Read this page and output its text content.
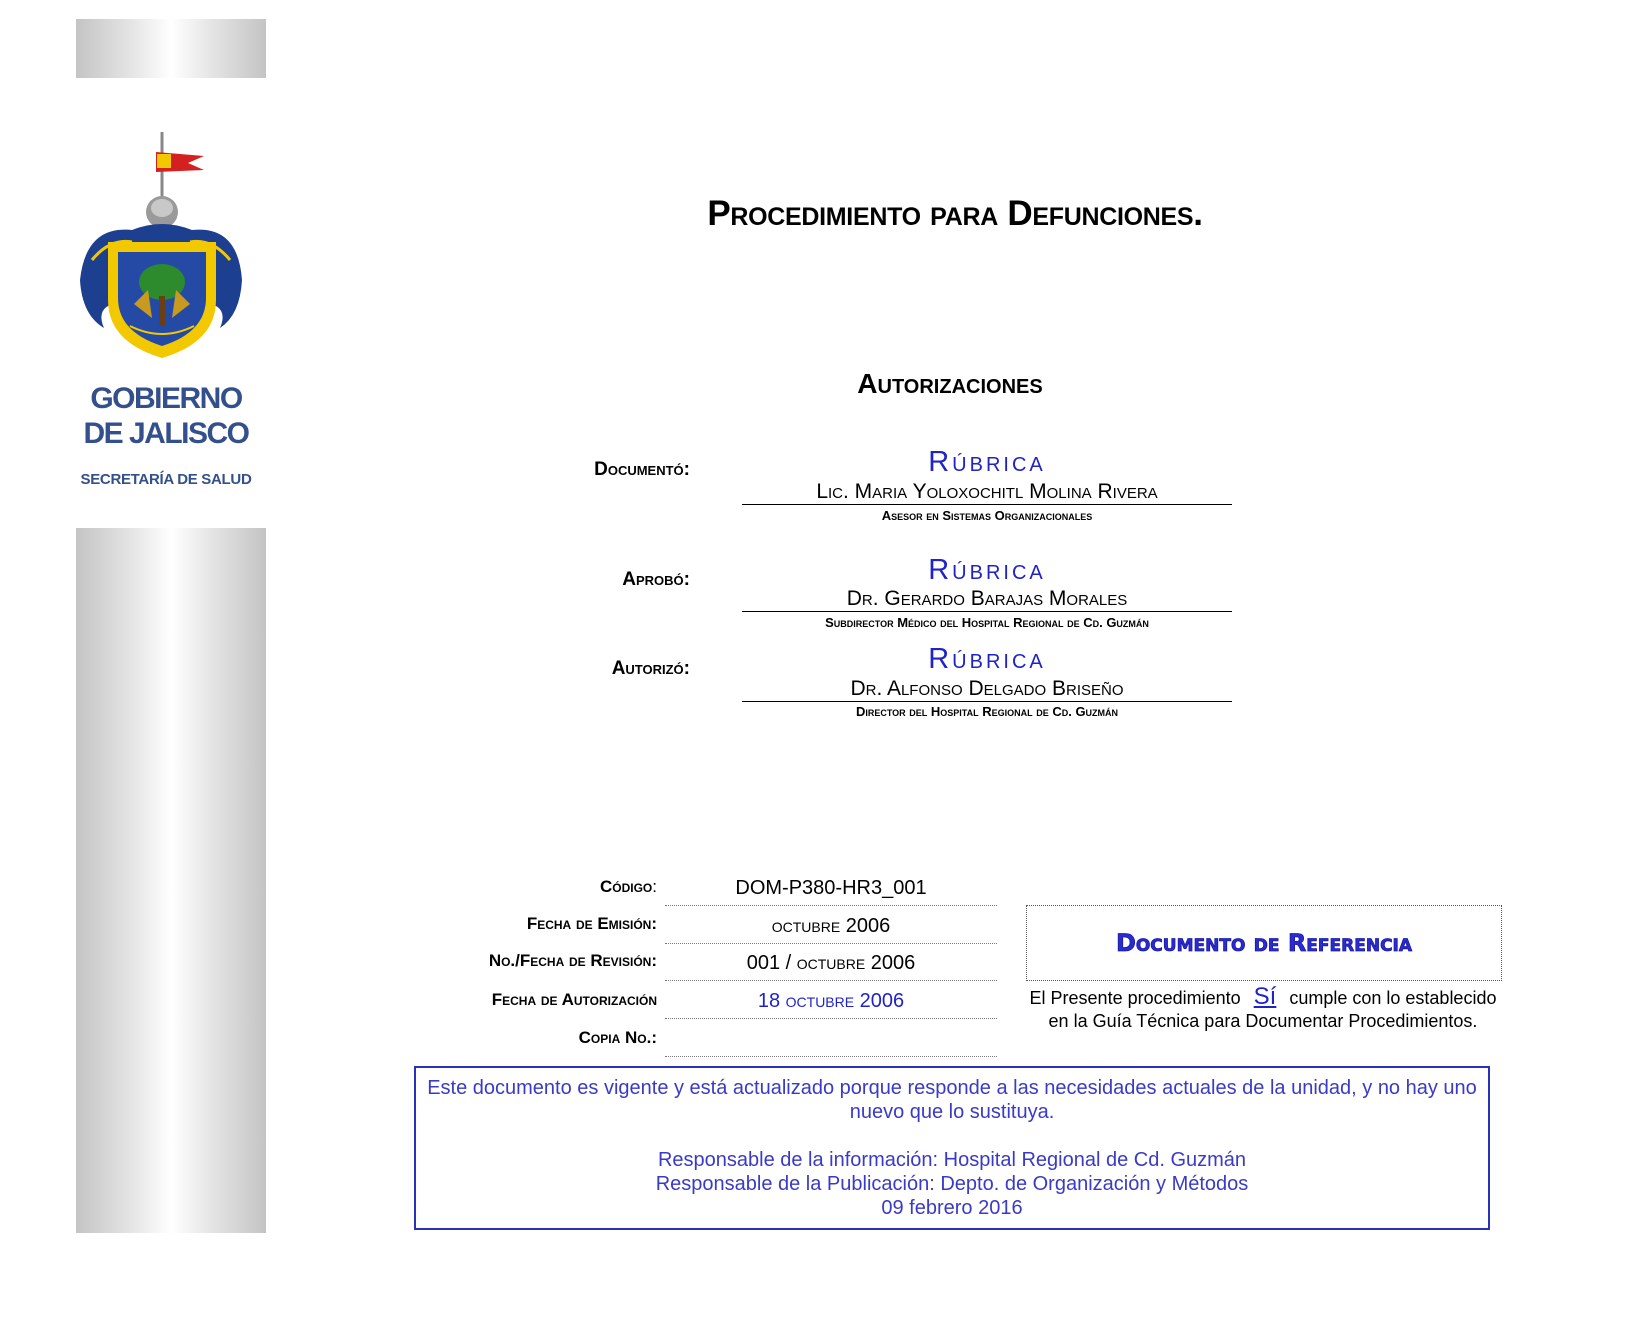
GOBIERNO
DE JALISCO
SECRETARÍA DE SALUD
Procedimiento para Defunciones.
Autorizaciones
Documentó:	Rúbrica
Lic. Maria Yoloxochitl Molina Rivera
Asesor en Sistemas Organizacionales
Aprobó:	Rúbrica
Dr. Gerardo Barajas Morales
Subdirector Médico del Hospital Regional de Cd. Guzmán
Autorizó:	Rúbrica
Dr. Alfonso Delgado Briseño
Director del Hospital Regional de Cd. Guzmán
Código:	DOM-P380-HR3_001
Fecha de Emisión:	octubre 2006
No./Fecha de Revisión:	001 / octubre 2006
Fecha de Autorización	18 octubre 2006
Copia No.:
Documento de Referencia
El Presente procedimiento Sí cumple con lo establecido en la Guía Técnica para Documentar Procedimientos.

Este documento es vigente y está actualizado porque responde a las necesidades actuales de la unidad, y no hay uno nuevo que lo sustituya.

Responsable de la información: Hospital Regional de Cd. Guzmán

Responsable de la Publicación: Depto. de Organización y Métodos

09 febrero 2016
